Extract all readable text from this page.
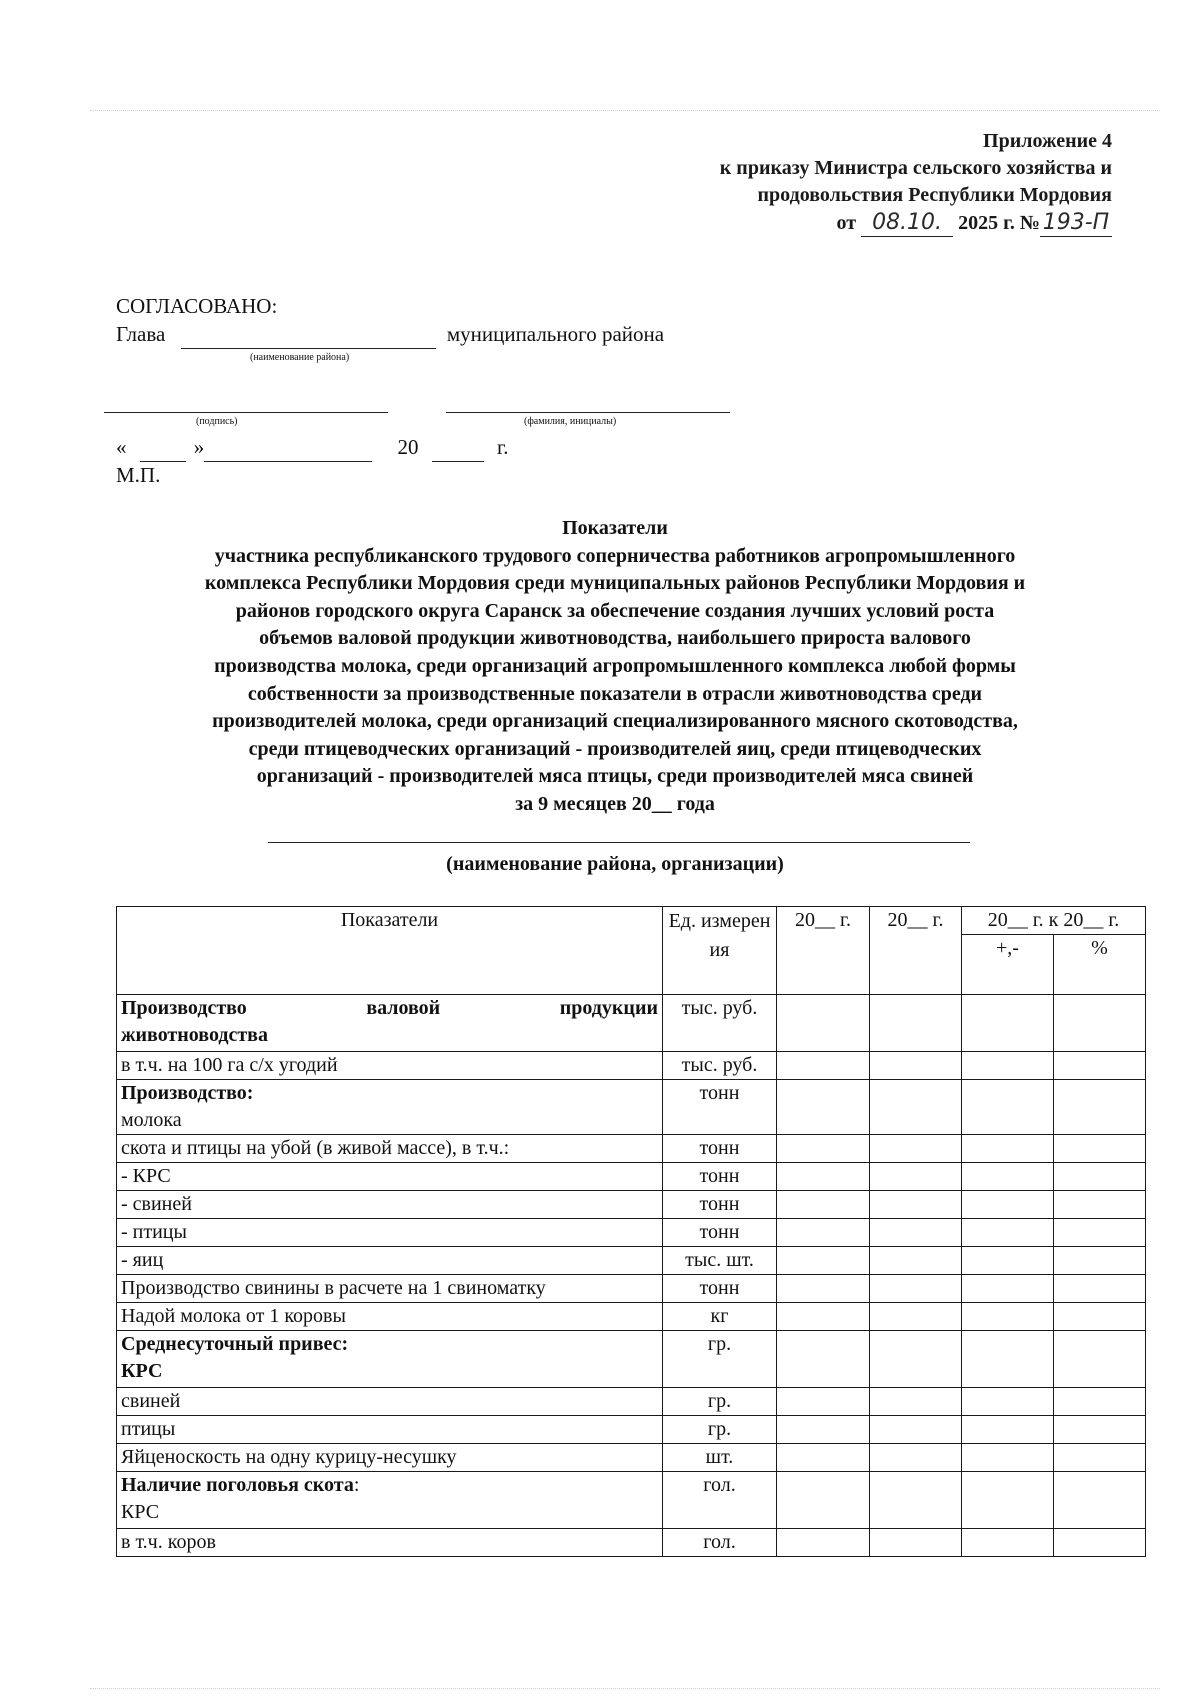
Приложение 4
к приказу Министра сельского хозяйства и
продовольствия Республики Мордовия
от 08.10. 2025 г. № 193-П
СОГЛАСОВАНО:
Глава	муниципального района
(наименование района)
(подпись)	(фамилия, инициалы)
«	»	20	г.
М.П.
Показатели
участника республиканского трудового соперничества работников агропромышленного
комплекса Республики Мордовия среди муниципальных районов Республики Мордовия и
районов городского округа Саранск за обеспечение создания лучших условий роста
объемов валовой продукции животноводства, наибольшего прироста валового
производства молока, среди организаций агропромышленного комплекса любой формы
собственности за производственные показатели в отрасли животноводства среди
производителей молока, среди организаций специализированного мясного скотоводства,
среди птицеводческих организаций - производителей яиц, среди птицеводческих
организаций - производителей мяса птицы, среди производителей мяса свиней
за 9 месяцев 20__ года
(наименование района, организации)
Показатели	Ед. измерен ия	20__ г.	20__ г.	20__ г. к 20__ г.	
				+,-	%

Производство валовой продукции
животноводства	тыс. руб.				
в т.ч. на 100 га с/х угодий	тыс. руб.				

Производство:
молока	тонн				
скота и птицы на убой (в живой массе), в т.ч.:	тонн				
- КРС	тонн				
- свиней	тонн				
- птицы	тонн				
- яиц	тыс. шт.				
Производство свинины в расчете на 1 свиноматку	тонн				
Надой молока от 1 коровы	кг				

Среднесуточный привес:
КРС	гр.				
свиней	гр.				
птицы	гр.				
Яйценоскость на одну курицу-несушку	шт.				

Наличие поголовья скота:
КРС	гол.				
в т.ч. коров	гол.				
